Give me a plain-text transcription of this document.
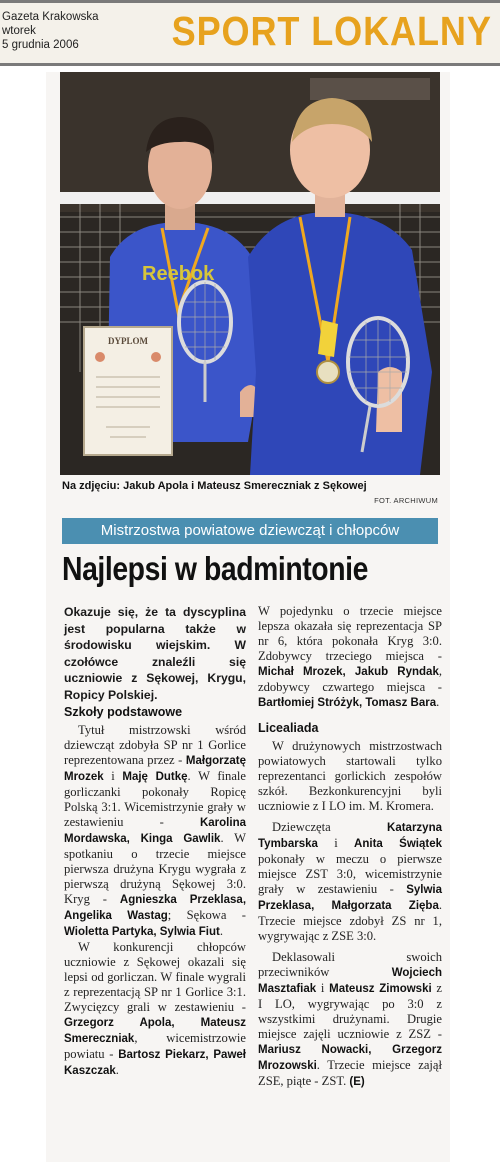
Gazeta Krakowska
wtorek
5 grudnia 2006	SPORT LOKALNY
Reebok
DYPLOM
Na zdjęciu: Jakub Apola i Mateusz Smereczniak z Sękowej
FOT. ARCHIWUM
Mistrzostwa powiatowe dziewcząt i chłopców
Najlepsi w badmintonie

Okazuje się, że ta dyscyplina jest popularna także w środowisku wiejskim. W czołówce znaleźli się uczniowie z Sękowej, Krygu, Ropicy Polskiej.

Szkoły podstawowe

Tytuł mistrzowski wśród dziewcząt zdobyła SP nr 1 Gorlice reprezentowana przez - Małgorzatę Mrozek i Maję Dutkę. W finale gorliczanki pokonały Ropicę Polską 3:1. Wicemistrzynie grały w zestawieniu - Karolina Mordawska, Kinga Gawlik. W spotkaniu o trzecie miejsce pierwsza drużyna Krygu wygrała z pierwszą drużyną Sękowej 3:0. Kryg - Agnieszka Przeklasa, Angelika Wastag; Sękowa - Wioletta Partyka, Sylwia Fiut.

W konkurencji chłopców uczniowie z Sękowej okazali się lepsi od gorliczan. W finale wygrali z reprezentacją SP nr 1 Gorlice 3:1. Zwycięzcy grali w zestawieniu - Grzegorz Apola, Mateusz Smereczniak, wicemistrzowie powiatu - Bartosz Piekarz, Paweł Kaszczak.

W pojedynku o trzecie miejsce lepsza okazała się reprezentacja SP nr 6, która pokonała Kryg 3:0. Zdobywcy trzeciego miejsca - Michał Mrozek, Jakub Ryndak, zdobywcy czwartego miejsca - Bartłomiej Stróżyk, Tomasz Bara.

Licealiada

W drużynowych mistrzostwach powiatowych startowali tylko reprezentanci gorlickich zespołów szkół. Bezkonkurencyjni byli uczniowie z I LO im. M. Kromera.

Dziewczęta Katarzyna Tymbarska i Anita Świątek pokonały w meczu o pierwsze miejsce ZST 3:0, wicemistrzynie grały w zestawieniu - Sylwia Przeklasa, Małgorzata Zięba. Trzecie miejsce zdobył ZS nr 1, wygrywając z ZSE 3:0.

Deklasowali swoich przeciwników Wojciech Masztafiak i Mateusz Zimowski z I LO, wygrywając po 3:0 z wszystkimi drużynami. Drugie miejsce zajęli uczniowie z ZSZ - Mariusz Nowacki, Grzegorz Mrozowski. Trzecie miejsce zajął ZSE, piąte - ZST. (E)
